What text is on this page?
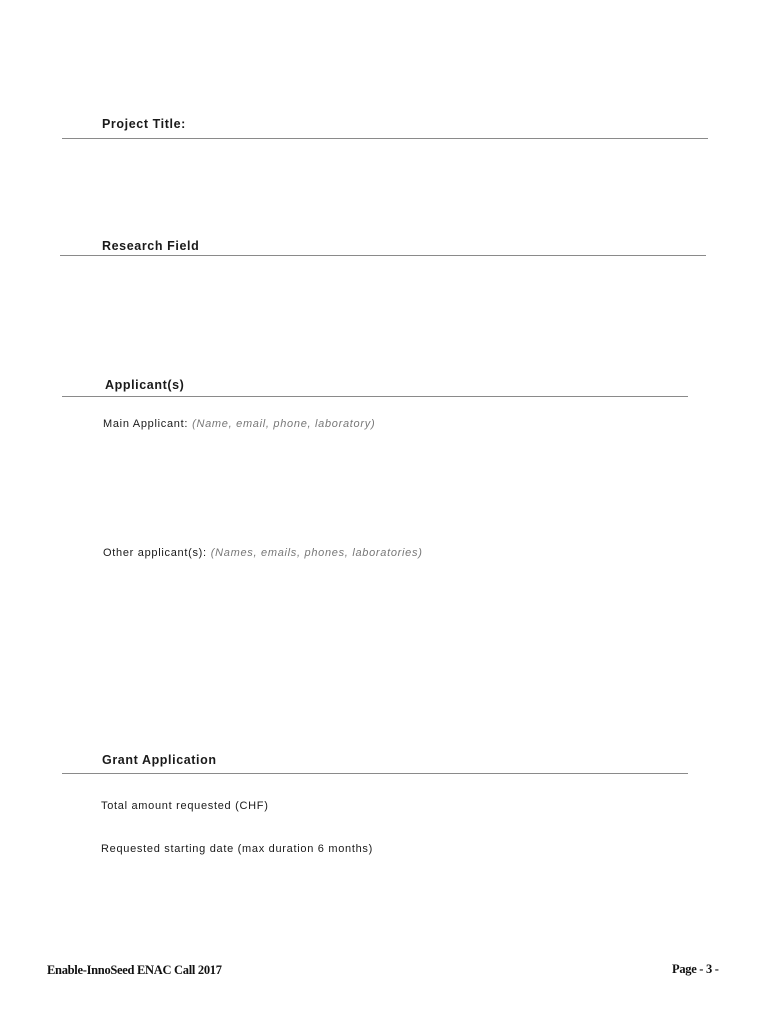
Project Title:
Research Field
Applicant(s)
Main Applicant: (Name, email, phone, laboratory)
Other applicant(s): (Names, emails, phones, laboratories)
Grant Application
Total amount requested (CHF)
Requested starting date (max duration 6 months)
Enable-InnoSeed ENAC Call 2017	Page - 3 -
